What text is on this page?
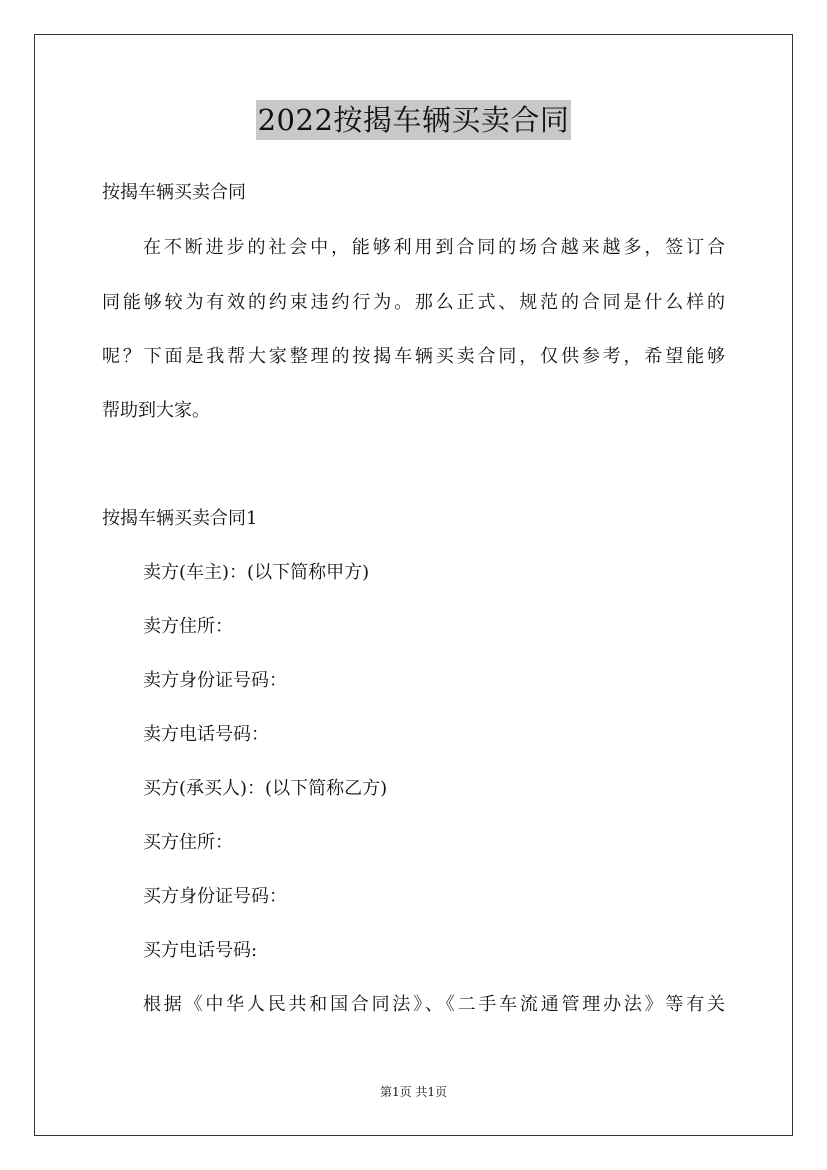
2022按揭车辆买卖合同
按揭车辆买卖合同
在不断进步的社会中，能够利用到合同的场合越来越多，签订合
同能够较为有效的约束违约行为。那么正式、规范的合同是什么样的
呢？下面是我帮大家整理的按揭车辆买卖合同，仅供参考，希望能够
帮助到大家。
按揭车辆买卖合同1
卖方(车主)：(以下简称甲方)
卖方住所：
卖方身份证号码：
卖方电话号码：
买方(承买人)：(以下简称乙方)
买方住所：
买方身份证号码：
买方电话号码:
根据《中华人民共和国合同法》、《二手车流通管理办法》等有关
第1页 共1页
